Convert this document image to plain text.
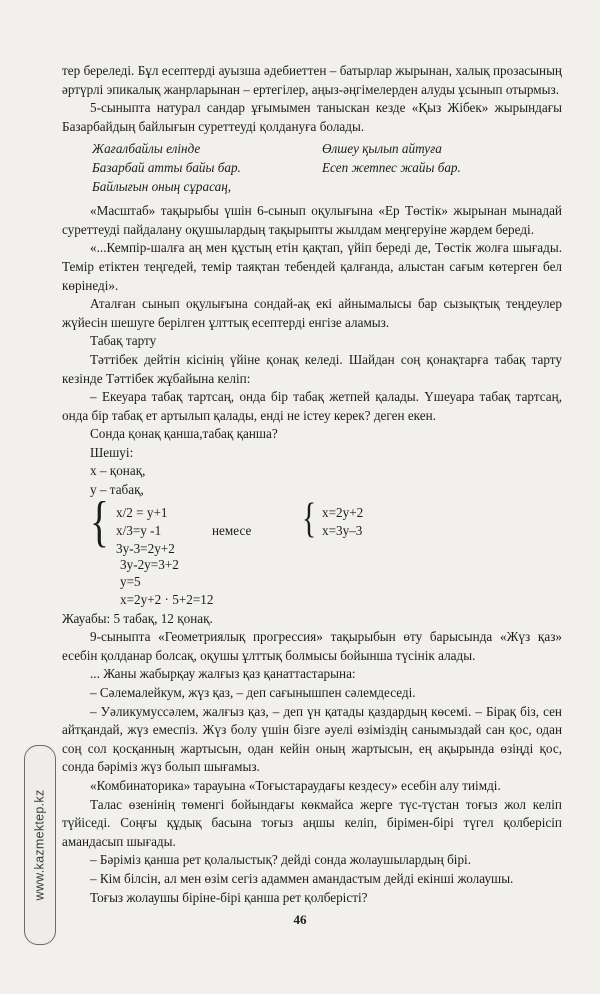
тер береледі. Бұл есептерді ауызша әдебиеттен – батырлар жырынан, халық прозасының әртүрлі эпикалық жанрларынан – ертегілер, аңыз-әңгімелерден алуды ұсынып отырмыз.

5-сыныпта натурал сандар ұғымымен таныскан кезде «Қыз Жібек» жырындағы Базарбайдың байлығын суреттеуді қолдануға болады.

Жағалбайлы елінде
Базарбай атты байы бар.
Байлығын оның сұрасаң,
Өлшеу қылып айтуға
Есеп жетпес жайы бар.

«Масштаб» тақырыбы үшін 6-сынып оқулығына «Ер Төстік» жырынан мынадай суреттеуді пайдалану оқушылардың тақырыпты жылдам меңгеруіне жәрдем береді.

«...Кемпір-шалға аң мен құстың етін қақтап, үйіп береді де, Төстік жолға шығады. Темір етіктен теңгедей, темір таяқтан тебендей қалғанда, алыстан сағым көтерген бел көрінеді».

Аталған сынып оқулығына сондай-ақ екі айнымалысы бар сызықтық теңдеулер жүйесін шешуге берілген ұлттық есептерді енгізе аламыз.

Табақ тарту

Тәттібек дейтін кісінің үйіне қонақ келеді. Шайдан соң қонақтарға табақ тарту кезінде Тәттібек жұбайына келіп:

– Екеуара табақ тартсаң, онда бір табақ жетпей қалады. Үшеуара табақ тартсаң, онда бір табақ ет артылып қалады, енді не істеу керек? деген екен.

Сонда қонақ қанша,табақ қанша?

Шешуі:

х – қонақ,

у – табақ,

{ x/2 = y+1
x/3=y -1
3y-3=2y+2
немесе { x=2y+2
x=3y–3
3y-2y=3+2
y=5
x=2y+2 · 5+2=12

Жауабы: 5 табақ, 12 қонақ.

9-сыныпта «Геометриялық прогрессия» тақырыбын өту барысында «Жүз қаз» есебін қолданар болсақ, оқушы ұлттық болмысы бойынша түсінік алады.

... Жаны жабырқау жалғыз қаз қанаттастарына:

– Сәлемалейкум, жүз қаз, – деп сағынышпен сәлемдеседі.

– Уәликумуссәлем, жалғыз қаз, – деп үн қатады қаздардың көсемі. – Бірақ біз, сен айтқандай, жүз емеспіз. Жүз болу үшін бізге әуелі өзіміздің санымыздай сан қос, одан соң сол қосқанның жартысын, одан кейін оның жартысын, ең ақырында өзіңді қос, сонда бәріміз жүз болып шығамыз.

«Комбинаторика» тарауына «Тоғыстараудағы кездесу» есебін алу тиімді.

Талас өзенінің төменгі бойындағы көкмайса жерге түс-түстан тоғыз жол келіп түйіседі. Соңғы құдық басына тоғыз аңшы келіп, бірімен-бірі түгел қолберісіп амандасып шығады.

– Бәріміз қанша рет қолалыстық? дейді сонда жолаушылардың бірі.

– Кім білсін, ал мен өзім сегіз адаммен амандастым дейді екінші жолаушы.

Тоғыз жолаушы біріне-бірі қанша рет қолберісті?

46
www.kazmektep.kz
